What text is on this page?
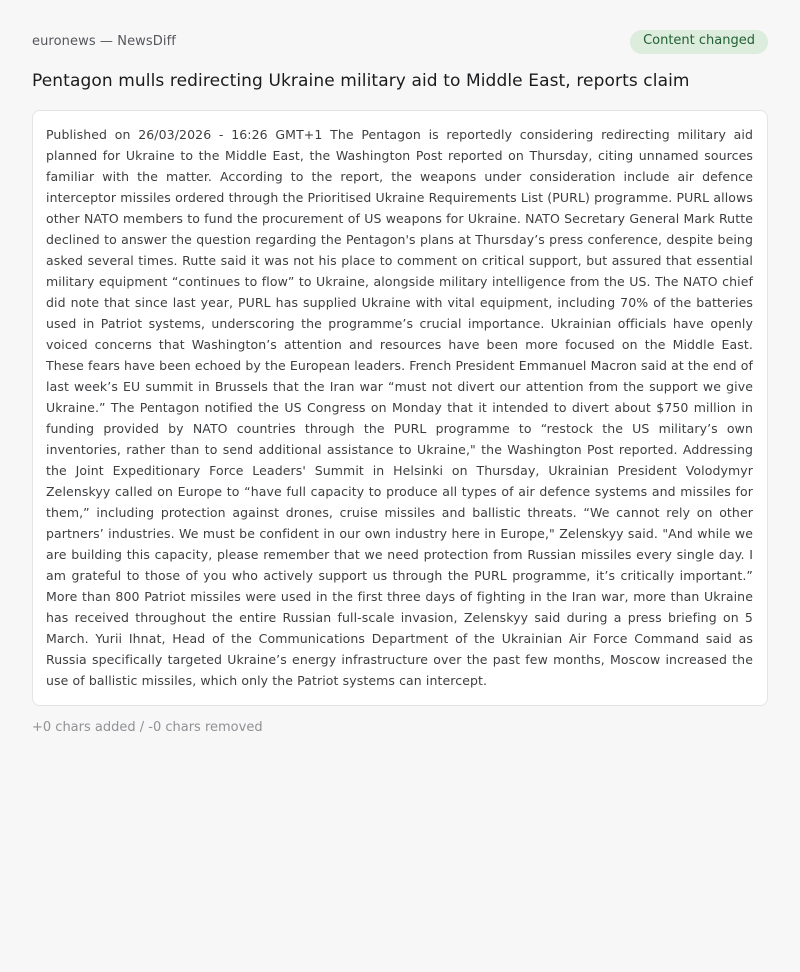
euronews — NewsDiff	Content changed
Pentagon mulls redirecting Ukraine military aid to Middle East, reports claim

Published on 26/03/2026 - 16:26 GMT+1 The Pentagon is reportedly considering redirecting military aid planned for Ukraine to the Middle East, the Washington Post reported on Thursday, citing unnamed sources familiar with the matter. According to the report, the weapons under consideration include air defence interceptor missiles ordered through the Prioritised Ukraine Requirements List (PURL) programme. PURL allows other NATO members to fund the procurement of US weapons for Ukraine. NATO Secretary General Mark Rutte declined to answer the question regarding the Pentagon's plans at Thursday’s press conference, despite being asked several times. Rutte said it was not his place to comment on critical support, but assured that essential military equipment “continues to flow” to Ukraine, alongside military intelligence from the US. The NATO chief did note that since last year, PURL has supplied Ukraine with vital equipment, including 70% of the batteries used in Patriot systems, underscoring the programme’s crucial importance. Ukrainian officials have openly voiced concerns that Washington’s attention and resources have been more focused on the Middle East. These fears have been echoed by the European leaders. French President Emmanuel Macron said at the end of last week’s EU summit in Brussels that the Iran war “must not divert our attention from the support we give Ukraine.” The Pentagon notified the US Congress on Monday that it intended to divert about $750 million in funding provided by NATO countries through the PURL programme to “restock the US military’s own inventories, rather than to send additional assistance to Ukraine," the Washington Post reported. Addressing the Joint Expeditionary Force Leaders' Summit in Helsinki on Thursday, Ukrainian President Volodymyr Zelenskyy called on Europe to “have full capacity to produce all types of air defence systems and missiles for them,” including protection against drones, cruise missiles and ballistic threats. “We cannot rely on other partners’ industries. We must be confident in our own industry here in Europe," Zelenskyy said. "And while we are building this capacity, please remember that we need protection from Russian missiles every single day. I am grateful to those of you who actively support us through the PURL programme, it’s critically important.” More than 800 Patriot missiles were used in the first three days of fighting in the Iran war, more than Ukraine has received throughout the entire Russian full-scale invasion, Zelenskyy said during a press briefing on 5 March. Yurii Ihnat, Head of the Communications Department of the Ukrainian Air Force Command said as Russia specifically targeted Ukraine’s energy infrastructure over the past few months, Moscow increased the use of ballistic missiles, which only the Patriot systems can intercept.

+0 chars added / -0 chars removed
